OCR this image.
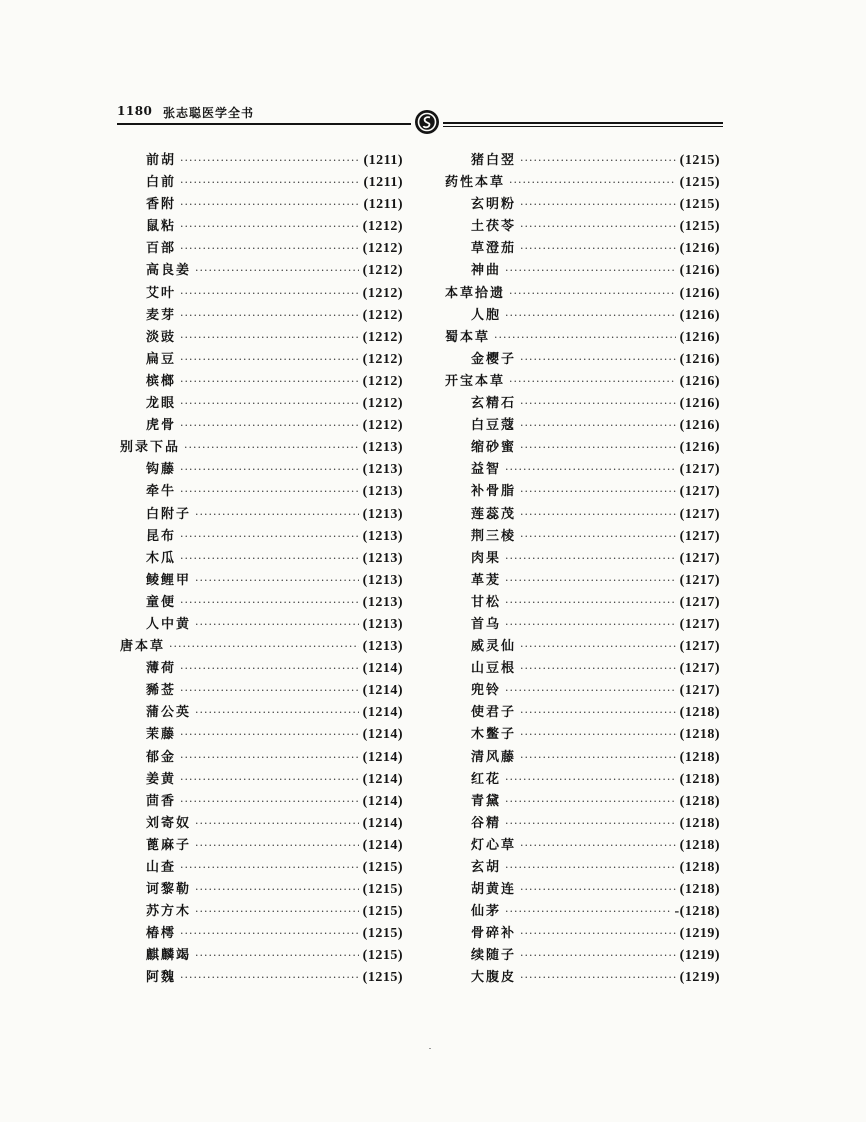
1180 张志聪医学全书
前胡 ·····	(1211)
白前 ·····	(1211)
香附 ·····	(1211)
鼠粘 ·····	(1212)
百部 ·····	(1212)
高良姜 ·····	(1212)
艾叶 ·····	(1212)
麦芽 ·····	(1212)
淡豉 ·····	(1212)
扁豆 ·····	(1212)
槟榔 ·····	(1212)
龙眼 ·····	(1212)
虎骨 ·····	(1212)
别录下品 ·····	(1213)
钩藤 ·····	(1213)
牵牛 ·····	(1213)
白附子 ·····	(1213)
昆布 ·····	(1213)
木瓜 ·····	(1213)
鲮鲤甲 ·····	(1213)
童便 ·····	(1213)
人中黄 ·····	(1213)
唐本草 ·····	(1213)
薄荷 ·····	(1214)
豨莶 ·····	(1214)
蒲公英 ·····	(1214)
茉藤 ·····	(1214)
郁金 ·····	(1214)
姜黄 ·····	(1214)
茴香 ·····	(1214)
刘寄奴 ·····	(1214)
蓖麻子 ·····	(1214)
山查 ·····	(1215)
诃黎勒 ·····	(1215)
苏方木 ·····	(1215)
椿樗 ·····	(1215)
麒麟竭 ·····	(1215)
阿魏 ·····	(1215)
猪白翌 ·····	(1215)
药性本草 ·····	(1215)
玄明粉 ·····	(1215)
土茯苓 ·····	(1215)
草澄茄 ·····	(1216)
神曲 ·····	(1216)
本草拾遗 ·····	(1216)
人胞 ·····	(1216)
蜀本草 ·····	(1216)
金樱子 ·····	(1216)
开宝本草 ·····	(1216)
玄精石 ·····	(1216)
白豆蔻 ·····	(1216)
缩砂蜜 ·····	(1216)
益智 ·····	(1217)
补骨脂 ·····	(1217)
莲蕊茂 ·····	(1217)
荆三棱 ·····	(1217)
肉果 ·····	(1217)
革茇 ·····	(1217)
甘松 ·····	(1217)
首乌 ·····	(1217)
威灵仙 ·····	(1217)
山豆根 ·····	(1217)
兜铃 ·····	(1217)
使君子 ·····	(1218)
木鳖子 ·····	(1218)
清风藤 ·····	(1218)
红花 ·····	(1218)
青黛 ·····	(1218)
谷精 ·····	(1218)
灯心草 ·····	(1218)
玄胡 ·····	(1218)
胡黄连 ·····	(1218)
仙茅 ·····	-(1218)
骨碎补 ·····	(1219)
续随子 ·····	(1219)
大腹皮 ·····	(1219)
